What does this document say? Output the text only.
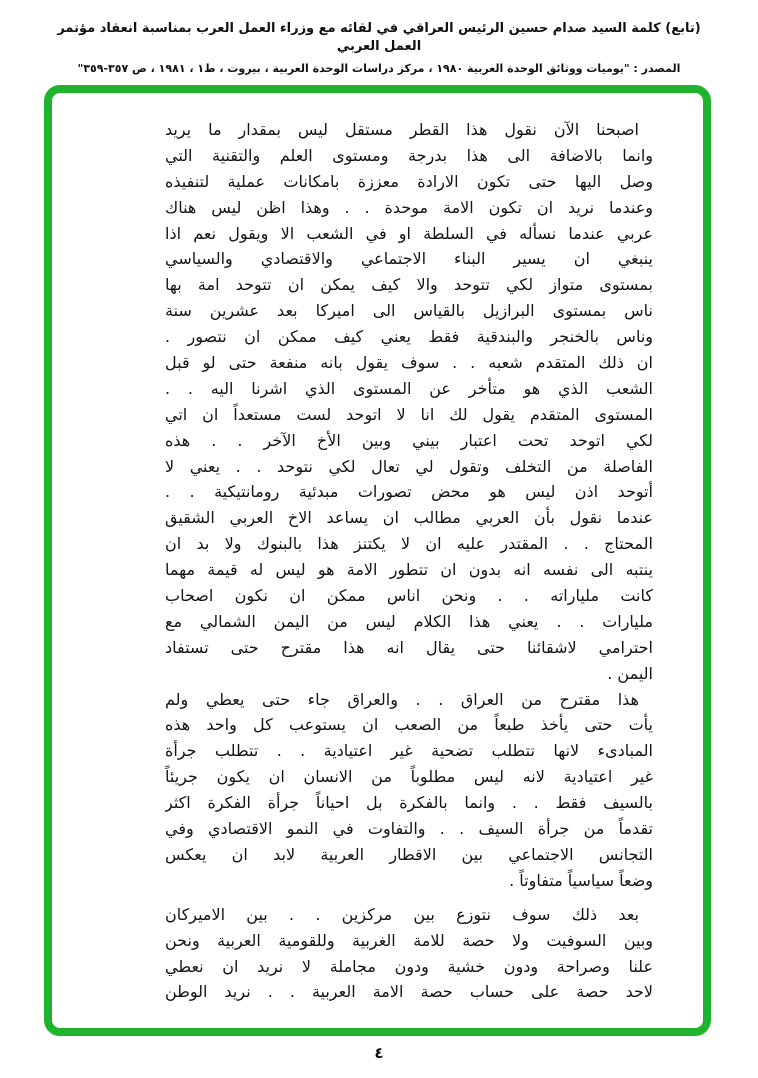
(تابع) كلمة السيد صدام حسين الرئيس العراقي في لقائه مع وزراء العمل العرب بمناسبة انعقاد مؤتمر العمل العربي
المصدر : "يوميات ووثائق الوحدة العربية ١٩٨٠ ، مركز دراسات الوحدة العربية ، بيروت ، ط١ ، ١٩٨١ ، ص ٣٥٧-٣٥٩"
اصبحنا الآن نقول هذا القطر مستقل ليس بمقدار ما يريد
وانما بالاضافة الى هذا بدرجة ومستوى العلم والتقنية التي
وصل اليها حتى تكون الارادة معززة بامكانات عملية لتنفيذه
وعندما نريد ان تكون الامة موحدة . . وهذا اظن ليس هناك
عربي عندما نسأله في السلطة او في الشعب الا ويقول نعم اذا
ينبغي ان يسير البناء الاجتماعي والاقتصادي والسياسي
بمستوى متواز لكي تتوحد والا كيف يمكن ان تتوحد امة بها
ناس بمستوى البرازيل بالقياس الى اميركا بعد عشرين سنة
وناس بالخنجر والبندقية فقط يعني كيف ممكن ان نتصور .
ان ذلك المتقدم شعبه . . سوف يقول بانه منفعة حتى لو قبل
الشعب الذي هو متأخر عن المستوى الذي اشرنا اليه . .
المستوى المتقدم يقول لك انا لا اتوحد لست مستعداً ان اتي
لكي اتوحد تحت اعتبار بيني وبين الأخ الآخر . . هذه
الفاصلة من التخلف وتقول لي تعال لكي نتوحد . . يعني لا
أتوحد اذن ليس هو محض تصورات مبدئية رومانتيكية . .
عندما نقول بأن العربي مطالب ان يساعد الاخ العربي الشقيق
المحتاج . . المقتدر عليه ان لا يكتنز هذا بالبنوك ولا بد ان
ينتبه الى نفسه انه بدون ان تتطور الامة هو ليس له قيمة مهما
كانت ملياراته . . ونحن اناس ممكن ان نكون اصحاب
مليارات . . يعني هذا الكلام ليس من اليمن الشمالي مع
احترامي لاشقائنا حتى يقال انه هذا مقترح حتى تستفاد
اليمن .
هذا مقترح من العراق . . والعراق جاء حتى يعطي ولم
يأت حتى يأخذ طبعاً من الصعب ان يستوعب كل واحد هذه
المبادىء لانها تتطلب تضحية غير اعتيادية . . تتطلب جرأة
غير اعتيادية لانه ليس مطلوباً من الانسان ان يكون جريئاً
بالسيف فقط . . وانما بالفكرة بل احياناً جرأة الفكرة اكثر
تقدماً من جرأة السيف . . والتفاوت في النمو الاقتصادي وفي
التجانس الاجتماعي بين الاقطار العربية لابد ان يعكس
وضعاً سياسياً متفاوتاً .
بعد ذلك سوف نتوزع بين مركزين . . بين الاميركان
وبين السوفيت ولا حصة للامة الغربية وللقومية العربية ونحن
علنا وصراحة ودون خشية ودون مجاملة لا نريد ان نعطي
لاحد حصة على حساب حصة الامة العربية . . نريد الوطن
٤
